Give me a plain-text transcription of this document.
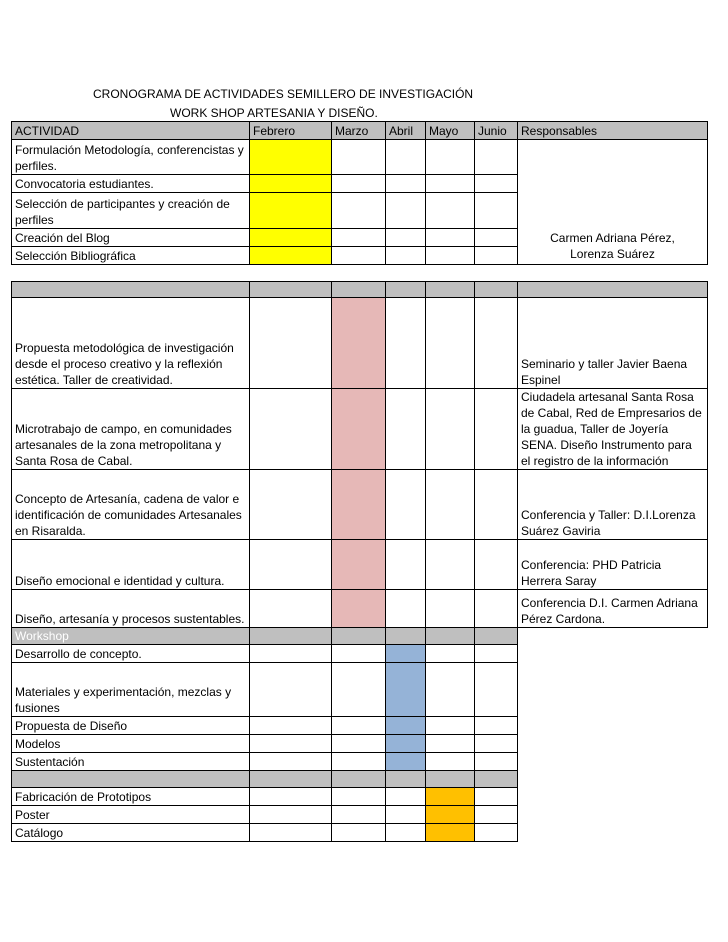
CRONOGRAMA DE ACTIVIDADES SEMILLERO DE INVESTIGACIÓN
WORK SHOP ARTESANIA Y DISEÑO.
ACTIVIDAD	Febrero	Marzo	Abril	Mayo	Junio	Responsables
Formulación Metodología, conferencistas y perfiles.						Carmen Adriana Pérez, Lorenza Suárez

Convocatoria estudiantes.						
Selección de participantes y creación de perfiles						
Creación del Blog						
Selección Bibliográfica						

Propuesta metodológica de investigación desde el proceso creativo y la reflexión estética. Taller de creatividad.						Seminario y taller Javier Baena Espinel
Microtrabajo de campo, en comunidades artesanales de la zona metropolitana y Santa Rosa de Cabal.						Ciudadela artesanal Santa Rosa de Cabal, Red de Empresarios de la guadua, Taller de Joyería SENA. Diseño Instrumento para el registro de la información
Concepto de Artesanía, cadena de valor e identificación de comunidades Artesanales en Risaralda.						Conferencia y Taller: D.I.Lorenza Suárez Gaviria
Diseño emocional e identidad y cultura.						Conferencia: PHD Patricia Herrera Saray
Diseño, artesanía y procesos sustentables.						Conferencia D.I. Carmen Adriana Pérez Cardona.
Workshop						
Desarrollo de concepto.						
Materiales y experimentación, mezclas y fusiones						
Propuesta de Diseño						
Modelos						
Sustentación						

Fabricación de Prototipos						
Poster						
Catálogo						
